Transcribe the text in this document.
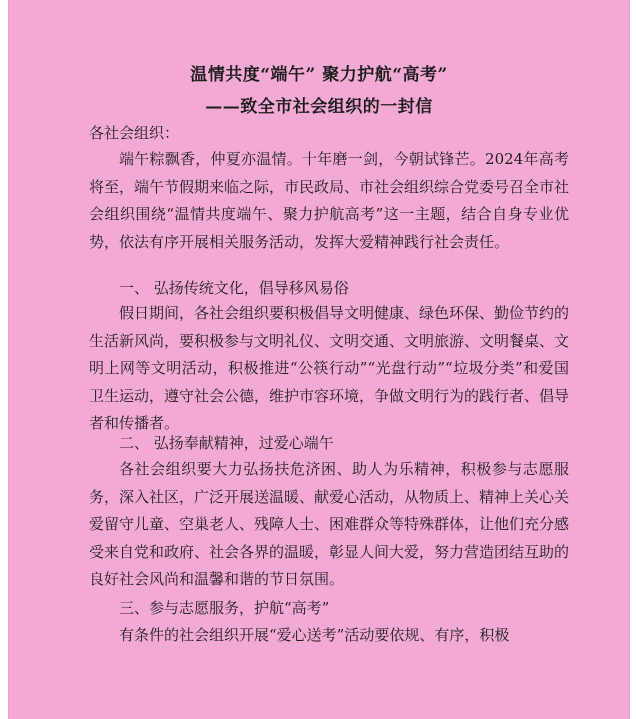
温情共度“端午” 聚力护航“高考”
——致全市社会组织的一封信
各社会组织：

端午粽飘香，仲夏亦温情。十年磨一剑，今朝试锋芒。2024年高考将至，端午节假期来临之际，市民政局、市社会组织综合党委号召全市社会组织围绕“温情共度端午、聚力护航高考”这一主题，结合自身专业优势，依法有序开展相关服务活动，发挥大爱精神践行社会责任。

一、 弘扬传统文化，倡导移风易俗

假日期间，各社会组织要积极倡导文明健康、绿色环保、勤俭节约的生活新风尚，要积极参与文明礼仪、文明交通、文明旅游、文明餐桌、文明上网等文明活动，积极推进“公筷行动”“光盘行动”“垃圾分类”和爱国卫生运动，遵守社会公德，维护市容环境，争做文明行为的践行者、倡导者和传播者。

二、 弘扬奉献精神，过爱心端午

各社会组织要大力弘扬扶危济困、助人为乐精神，积极参与志愿服务，深入社区，广泛开展送温暖、献爱心活动，从物质上、精神上关心关爱留守儿童、空巢老人、残障人士、困难群众等特殊群体，让他们充分感受来自党和政府、社会各界的温暖，彰显人间大爱，努力营造团结互助的良好社会风尚和温馨和谐的节日氛围。

三、参与志愿服务，护航“高考”

有条件的社会组织开展“爱心送考”活动要依规、有序，积极
